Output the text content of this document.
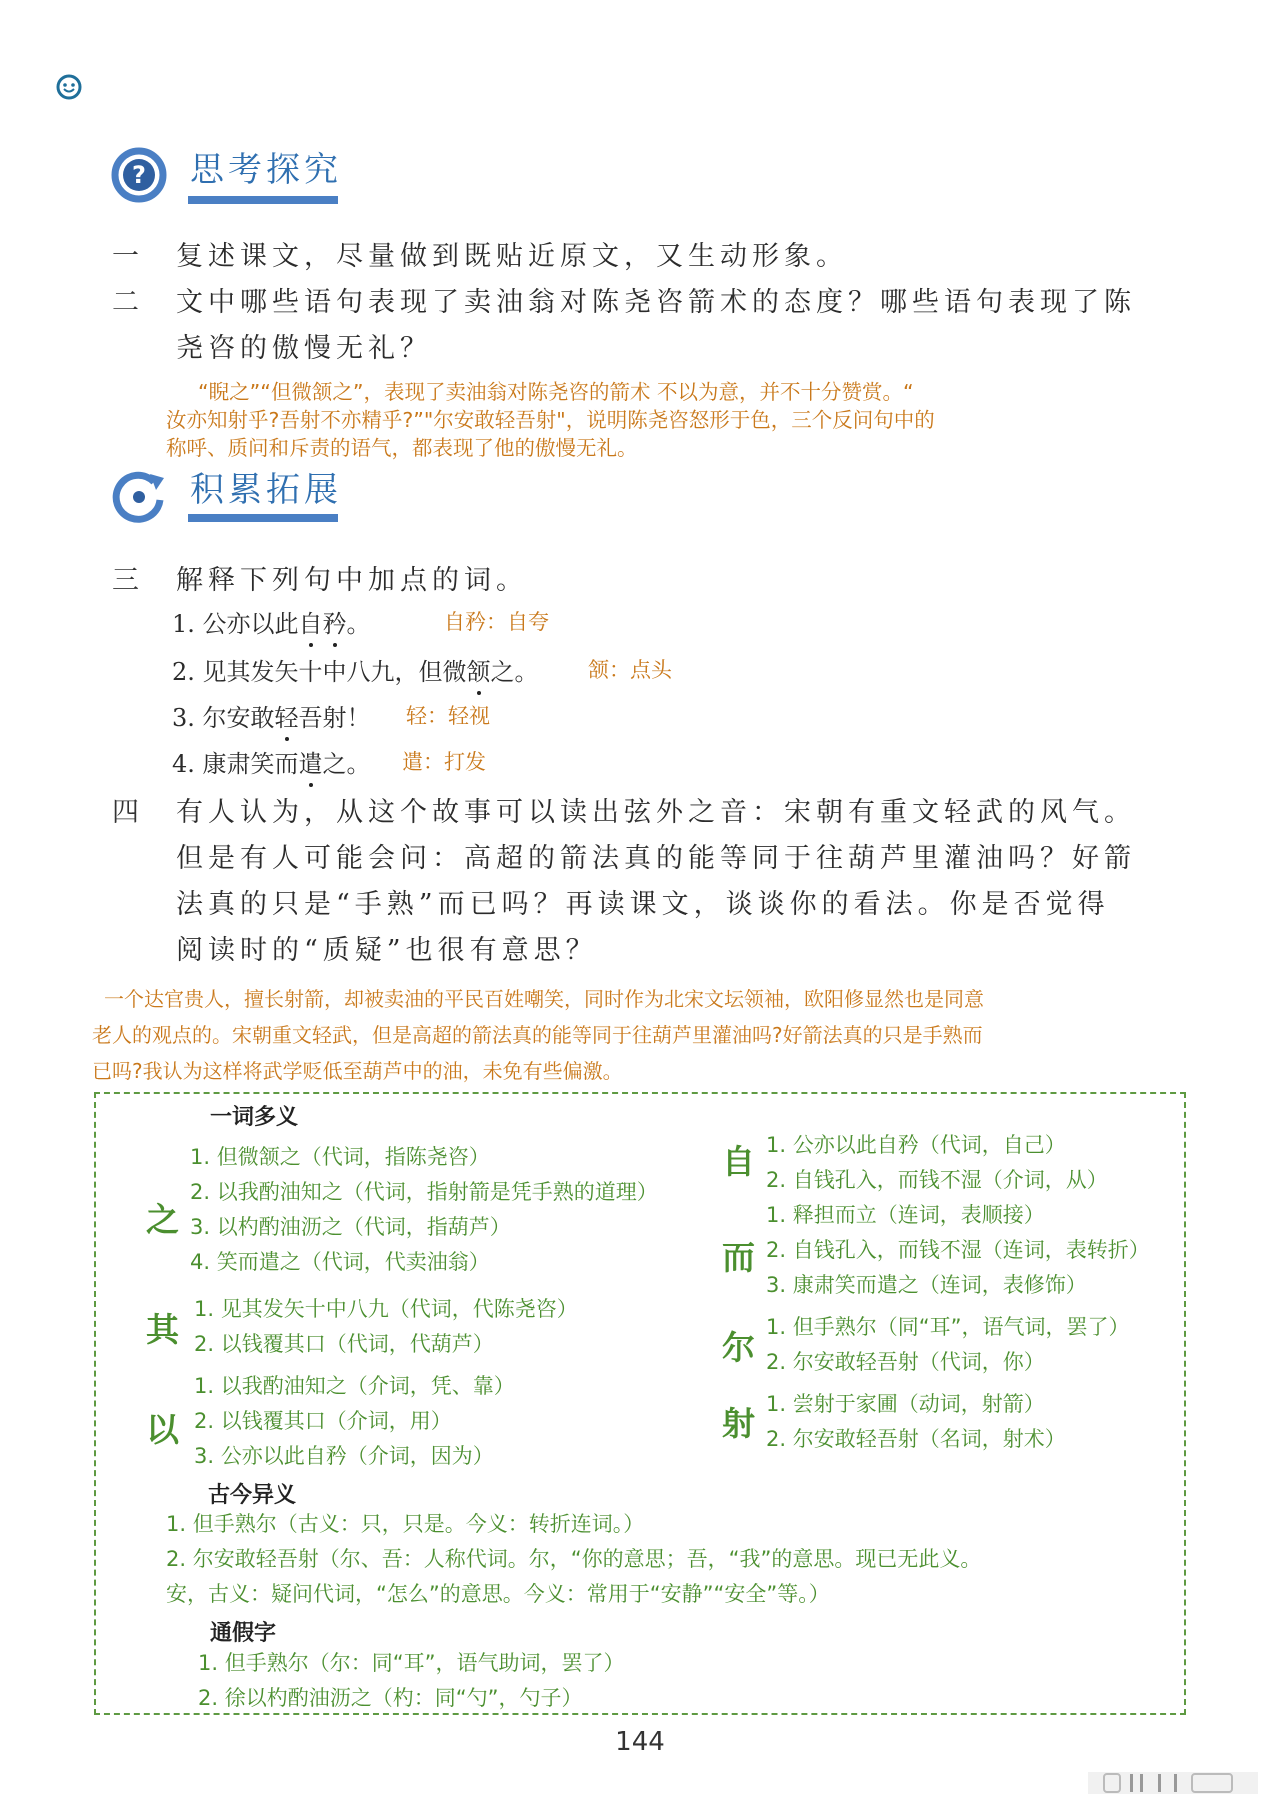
? 思考探究
一 复述课文，尽量做到既贴近原文，又生动形象。
二 文中哪些语句表现了卖油翁对陈尧咨箭术的态度？哪些语句表现了陈
尧咨的傲慢无礼？
“睨之”“但微颔之”，表现了卖油翁对陈尧咨的箭术 不以为意，并不十分赞赏。“
汝亦知射乎?吾射不亦精乎?”"尔安敢轻吾射"，说明陈尧咨怒形于色，三个反问句中的
称呼、质问和斥责的语气，都表现了他的傲慢无礼。
积累拓展
三 解释下列句中加点的词。
1. 公亦以此自矜。	自矜：自夸
2. 见其发矢十中八九，但微颔之。 颔：点头
3. 尔安敢轻吾射！ 轻：轻视
4. 康肃笑而遣之。 遣：打发
四 有人认为，从这个故事可以读出弦外之音：宋朝有重文轻武的风气。
但是有人可能会问：高超的箭法真的能等同于往葫芦里灌油吗？好箭
法真的只是“手熟”而已吗？再读课文，谈谈你的看法。你是否觉得
阅读时的“质疑”也很有意思？
一个达官贵人，擅长射箭，却被卖油的平民百姓嘲笑，同时作为北宋文坛领袖，欧阳修显然也是同意
老人的观点的。宋朝重文轻武，但是高超的箭法真的能等同于往葫芦里灌油吗?好箭法真的只是手熟而
已吗?我认为这样将武学贬低至葫芦中的油，未免有些偏激。
一词多义
之
1. 但微颔之（代词，指陈尧咨）
2. 以我酌油知之（代词，指射箭是凭手熟的道理）
3. 以杓酌油沥之（代词，指葫芦）
4. 笑而遣之（代词，代卖油翁）
其
1. 见其发矢十中八九（代词，代陈尧咨）
2. 以钱覆其口（代词，代葫芦）
以
1. 以我酌油知之（介词，凭、靠）
2. 以钱覆其口（介词，用）
3. 公亦以此自矜（介词，因为）
自 1. 公亦以此自矜（代词，自己）
2. 自钱孔入，而钱不湿（介词，从）
而
1. 释担而立（连词，表顺接）
2. 自钱孔入，而钱不湿（连词，表转折）
3. 康肃笑而遣之（连词，表修饰）
尔
1. 但手熟尔（同“耳”，语气词，罢了）
2. 尔安敢轻吾射（代词，你）
射 1. 尝射于家圃（动词，射箭）
2. 尔安敢轻吾射（名词，射术）
古今异义
1. 但手熟尔（古义：只，只是。今义：转折连词。）
2. 尔安敢轻吾射（尔、吾：人称代词。尔，“你的意思；吾，“我”的意思。现已无此义。
安，古义：疑问代词，“怎么”的意思。今义：常用于“安静”“安全”等。）
通假字
1. 但手熟尔（尔：同“耳”，语气助词，罢了）
2. 徐以杓酌油沥之（杓：同“勺”，勺子）
144
